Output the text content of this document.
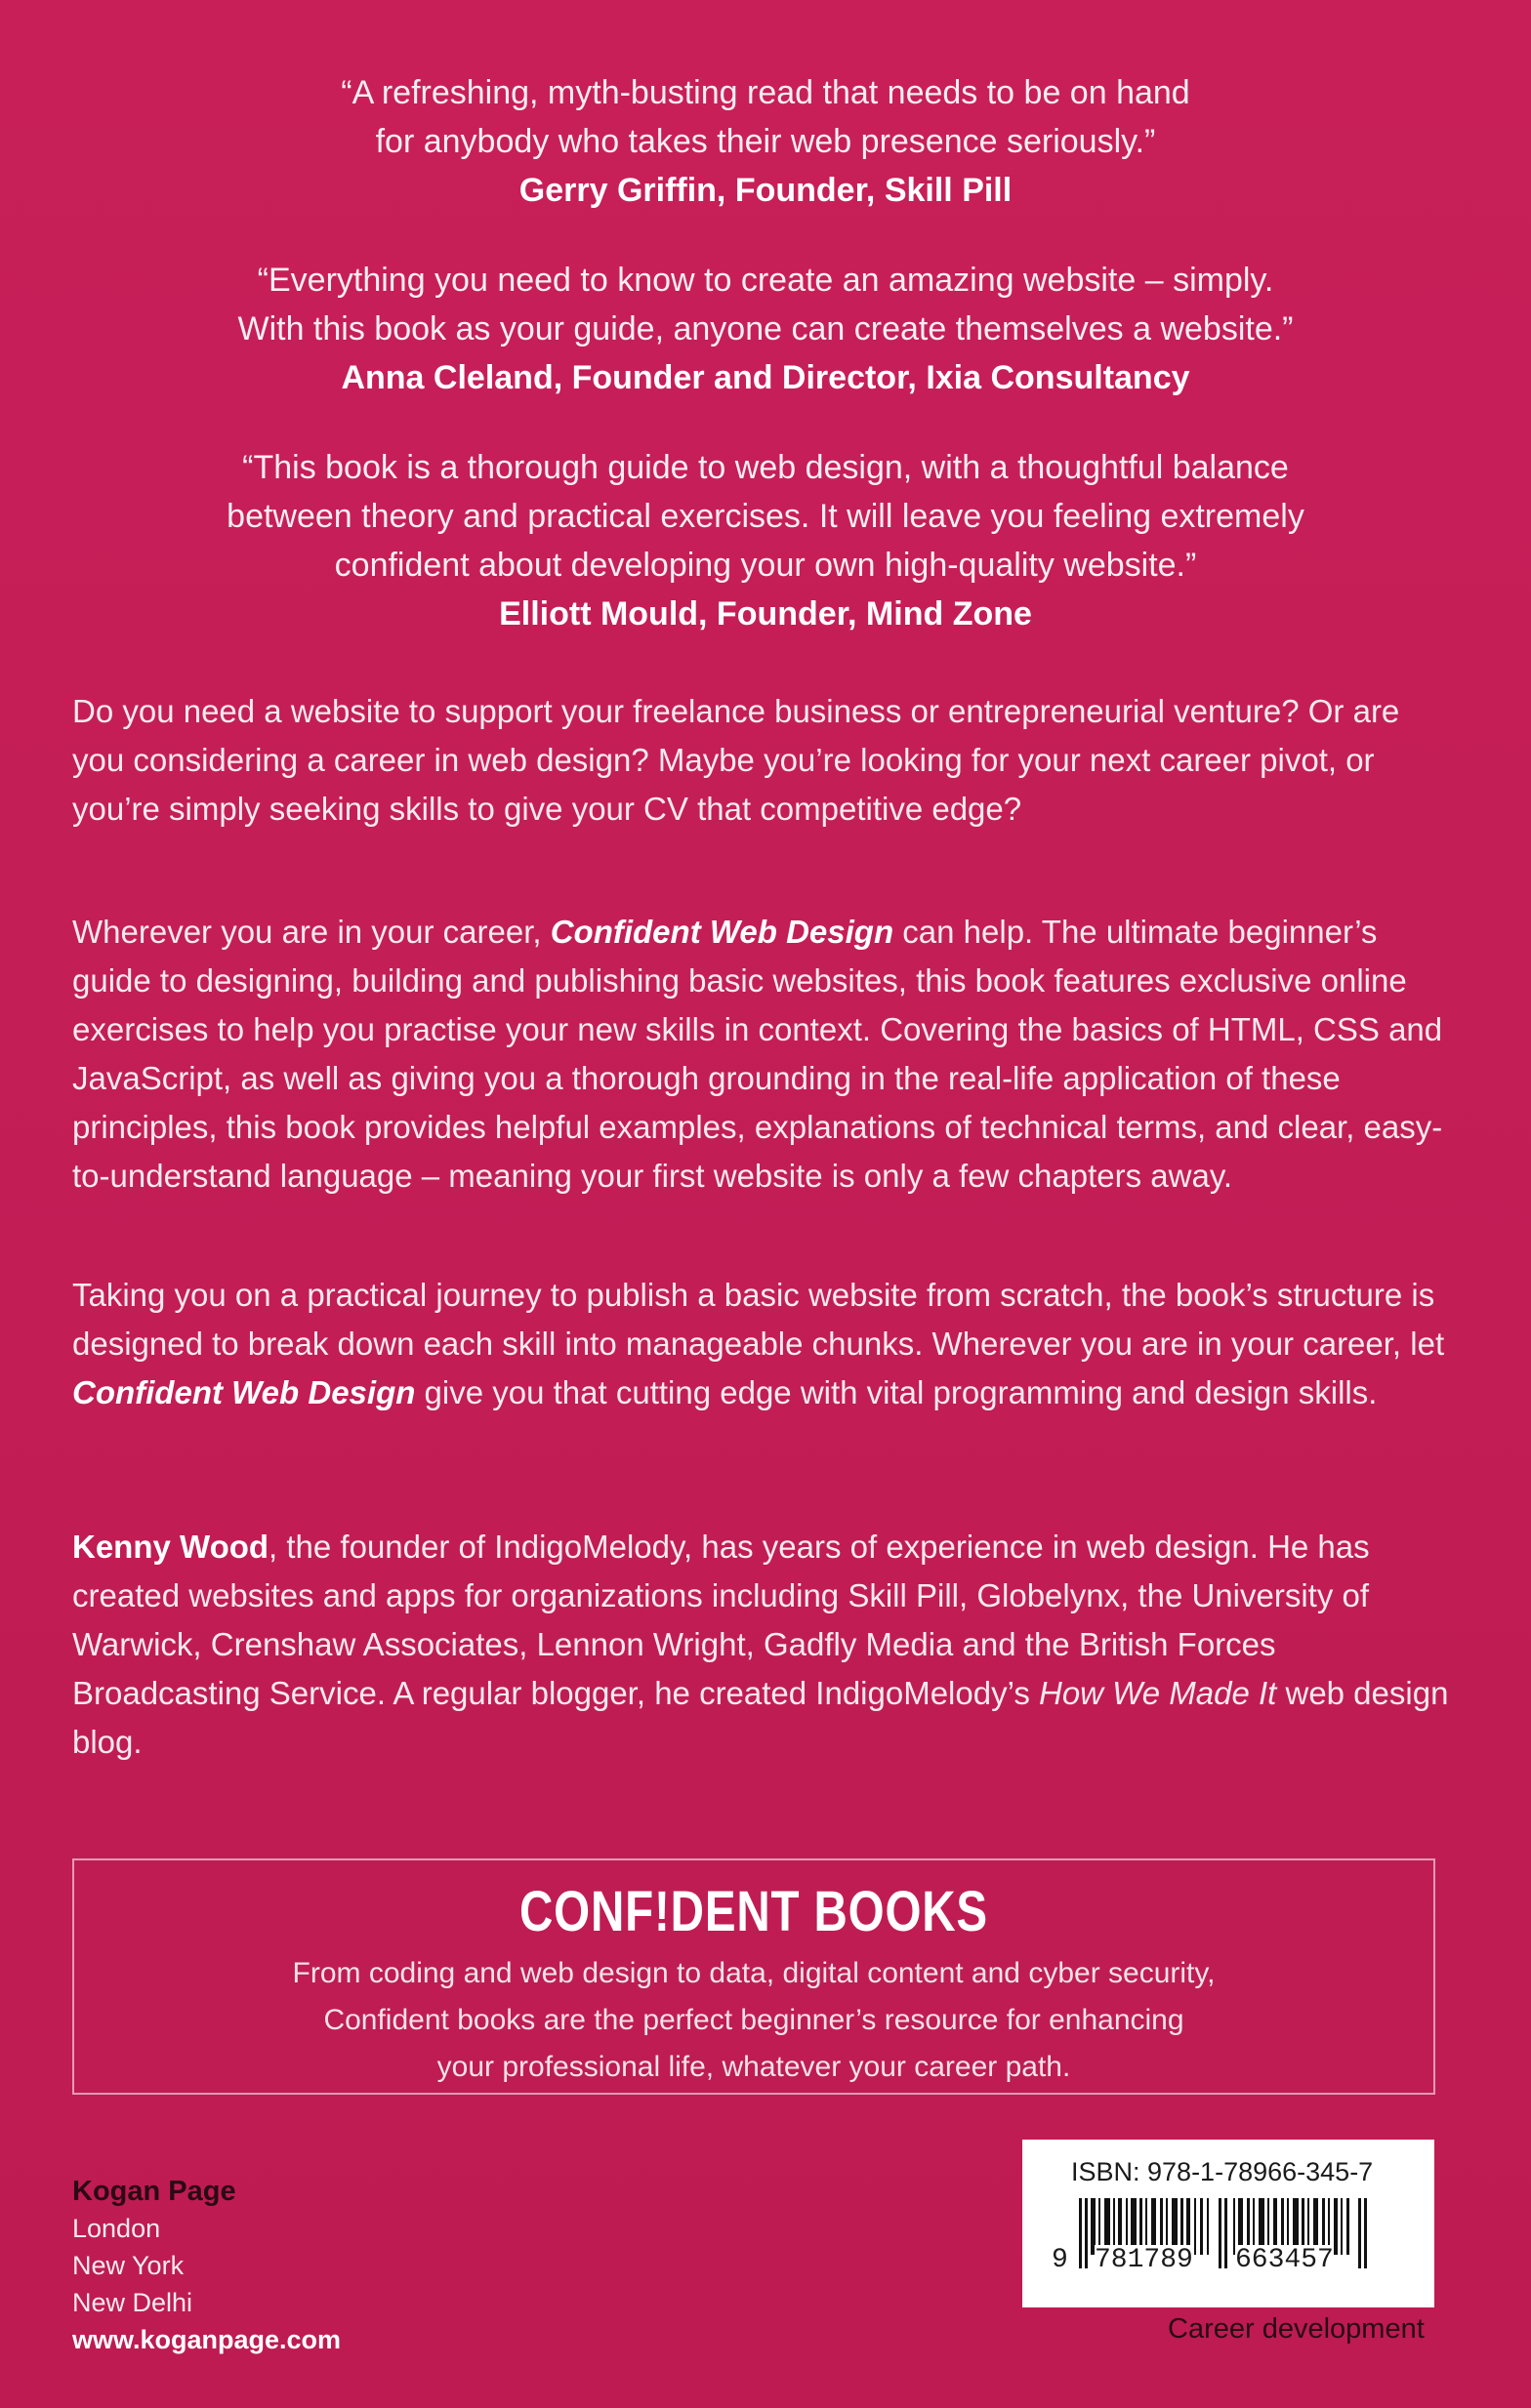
“A refreshing, myth-busting read that needs to be on hand

for anybody who takes their web presence seriously.”

Gerry Griffin, Founder, Skill Pill

“Everything you need to know to create an amazing website – simply.

With this book as your guide, anyone can create themselves a website.”

Anna Cleland, Founder and Director, Ixia Consultancy

“This book is a thorough guide to web design, with a thoughtful balance

between theory and practical exercises. It will leave you feeling extremely

confident about developing your own high-quality website.”

Elliott Mould, Founder, Mind Zone

Do you need a website to support your freelance business or entrepreneurial venture? Or are you considering a career in web design? Maybe you’re looking for your next career pivot, or you’re simply seeking skills to give your CV that competitive edge?

Wherever you are in your career, Confident Web Design can help. The ultimate beginner’s guide to designing, building and publishing basic websites, this book features exclusive online exercises to help you practise your new skills in context. Covering the basics of HTML, CSS and JavaScript, as well as giving you a thorough grounding in the real-life application of these principles, this book provides helpful examples, explanations of technical terms, and clear, easy-to-understand language – meaning your first website is only a few chapters away.

Taking you on a practical journey to publish a basic website from scratch, the book’s structure is designed to break down each skill into manageable chunks. Wherever you are in your career, let Confident Web Design give you that cutting edge with vital programming and design skills.

Kenny Wood, the founder of IndigoMelody, has years of experience in web design. He has created websites and apps for organizations including Skill Pill, Globelynx, the University of Warwick, Crenshaw Associates, Lennon Wright, Gadfly Media and the British Forces Broadcasting Service. A regular blogger, he created IndigoMelody’s How We Made It web design blog.

CONF!DENT BOOKS
From coding and web design to data, digital content and cyber security,
Confident books are the perfect beginner’s resource for enhancing
your professional life, whatever your career path.
Kogan Page
London
New York
New Delhi
www.koganpage.com
ISBN: 978-1-78966-345-7
9 781789 663457
Career development
